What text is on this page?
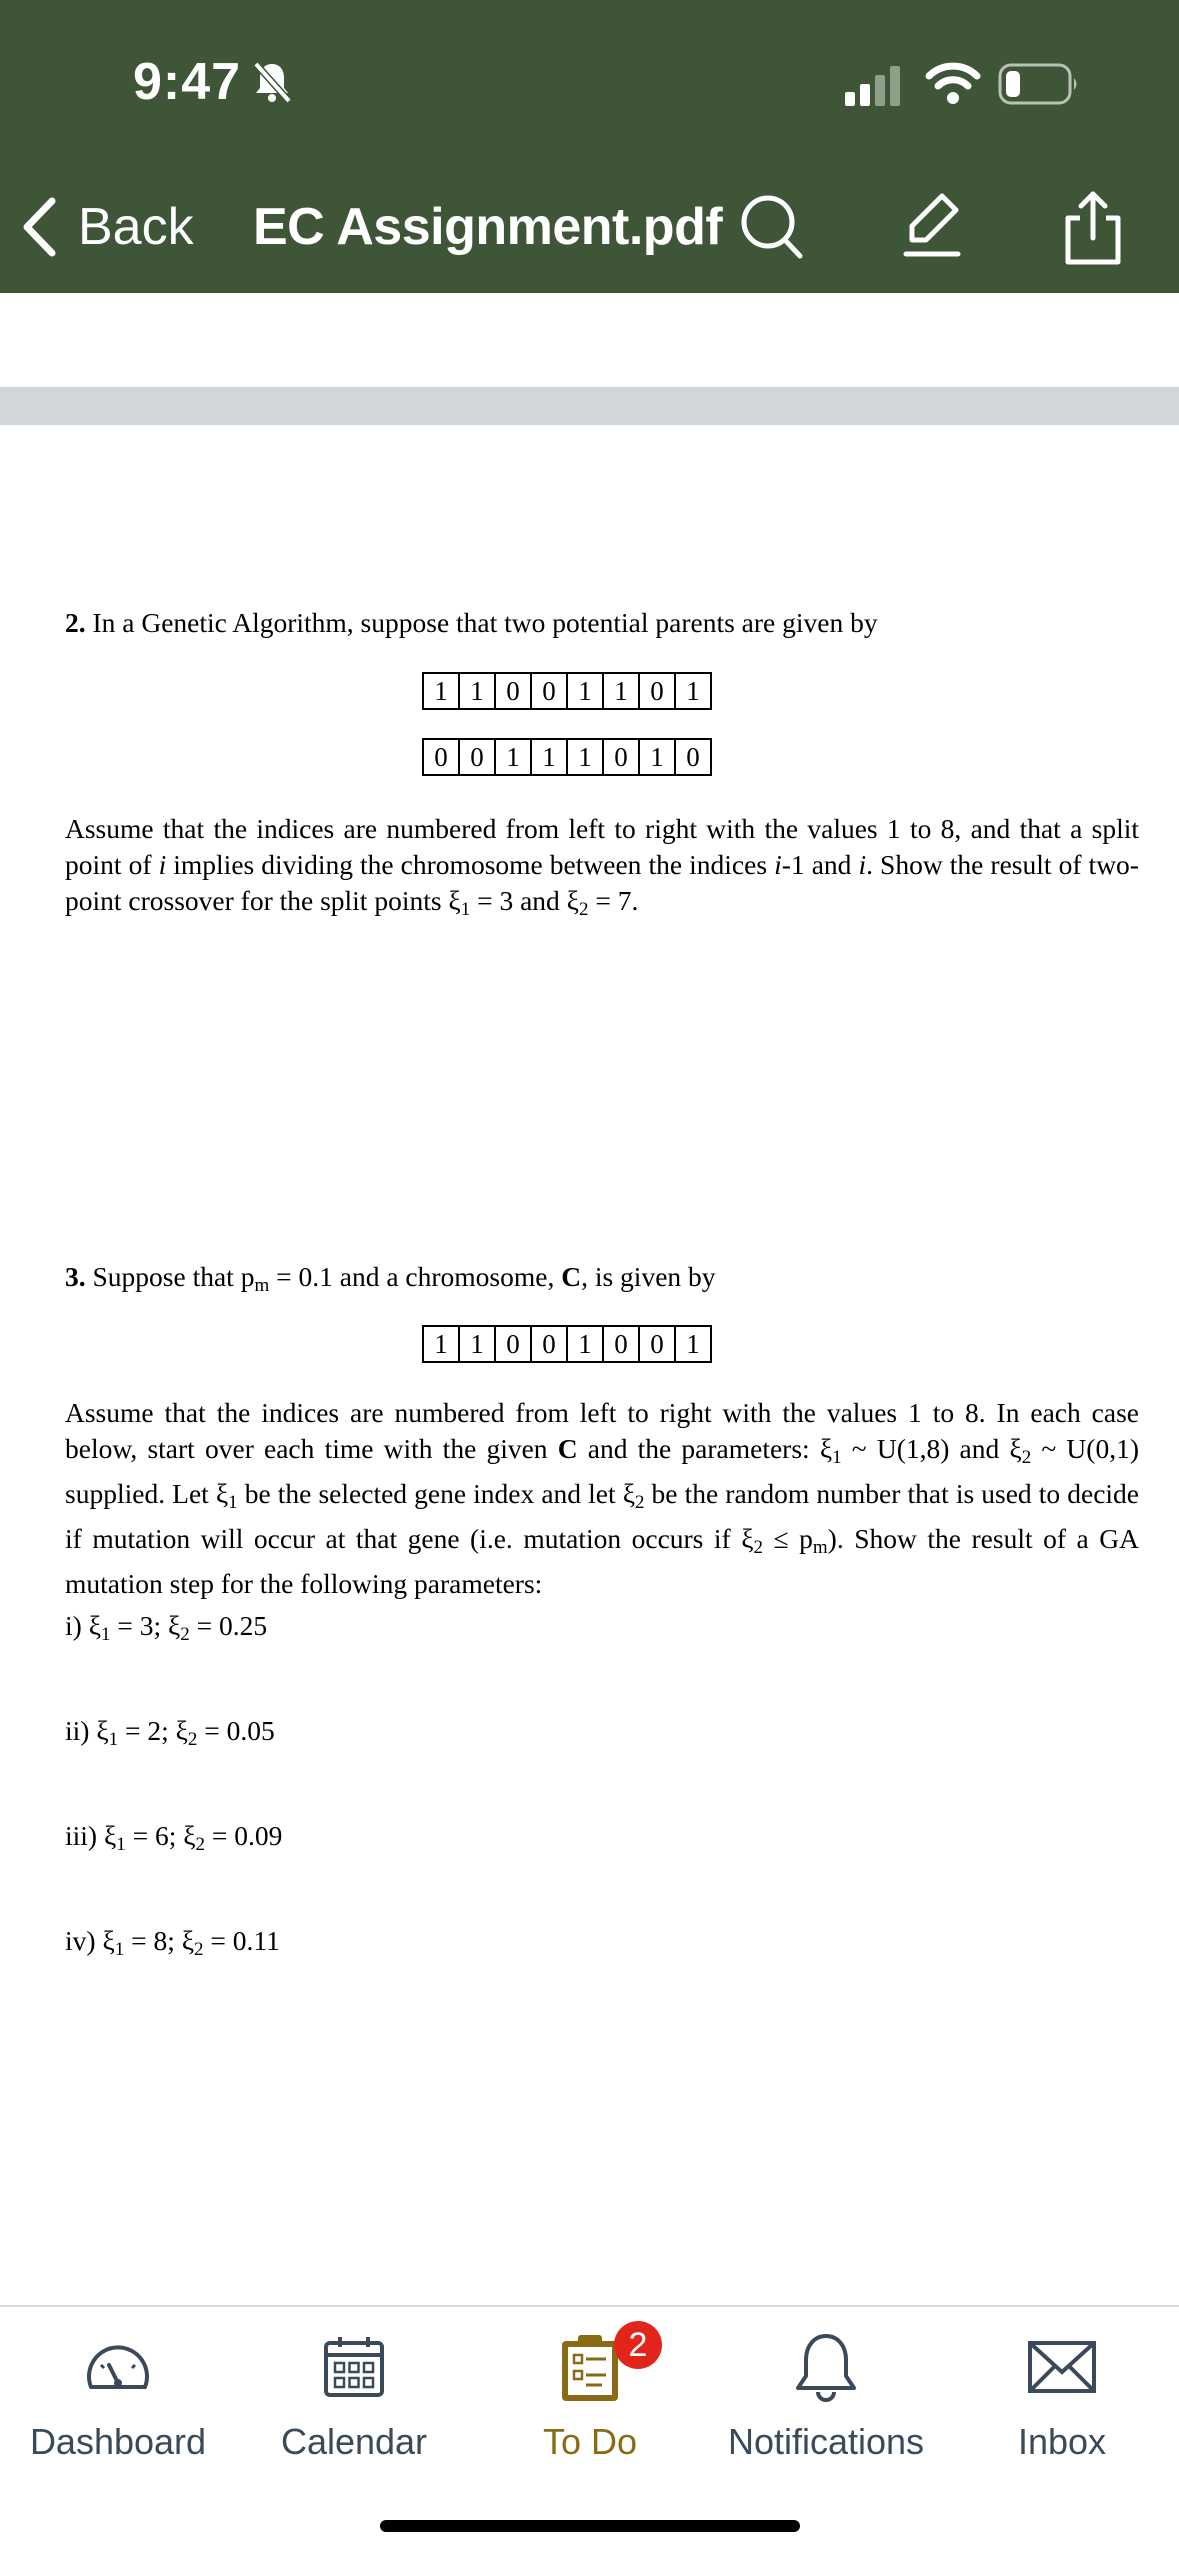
9:47
Back EC Assignment.pdf
2. In a Genetic Algorithm, suppose that two potential parents are given by
1 1 0 0 1 1 0 1
0 0 1 1 1 0 1 0
Assume that the indices are numbered from left to right with the values 1 to 8, and that a split point of i implies dividing the chromosome between the indices i-1 and i. Show the result of two-point crossover for the split points $\xi_1 = 3$ and $\xi_2 = 7$.
3. Suppose that $p_m = 0.1$ and a chromosome, C, is given by
1 1 0 0 1 0 0 1
Assume that the indices are numbered from left to right with the values 1 to 8. In each case below, start over each time with the given C and the parameters: $\xi_1$ ~ U(1,8) and $\xi_2$ ~ U(0,1) supplied. Let $\xi_1$ be the selected gene index and let $\xi_2$ be the random number that is used to decide if mutation will occur at that gene (i.e. mutation occurs if $\xi_2 \le p_m$). Show the result of a GA mutation step for the following parameters:
i) $\xi_1 = 3$; $\xi_2 = 0.25$
ii) $\xi_1 = 2$; $\xi_2 = 0.05$
iii) $\xi_1 = 6$; $\xi_2 = 0.09$
iv) $\xi_1 = 8$; $\xi_2 = 0.11$
Dashboard Calendar	To Do
2
Notifications	Inbox
